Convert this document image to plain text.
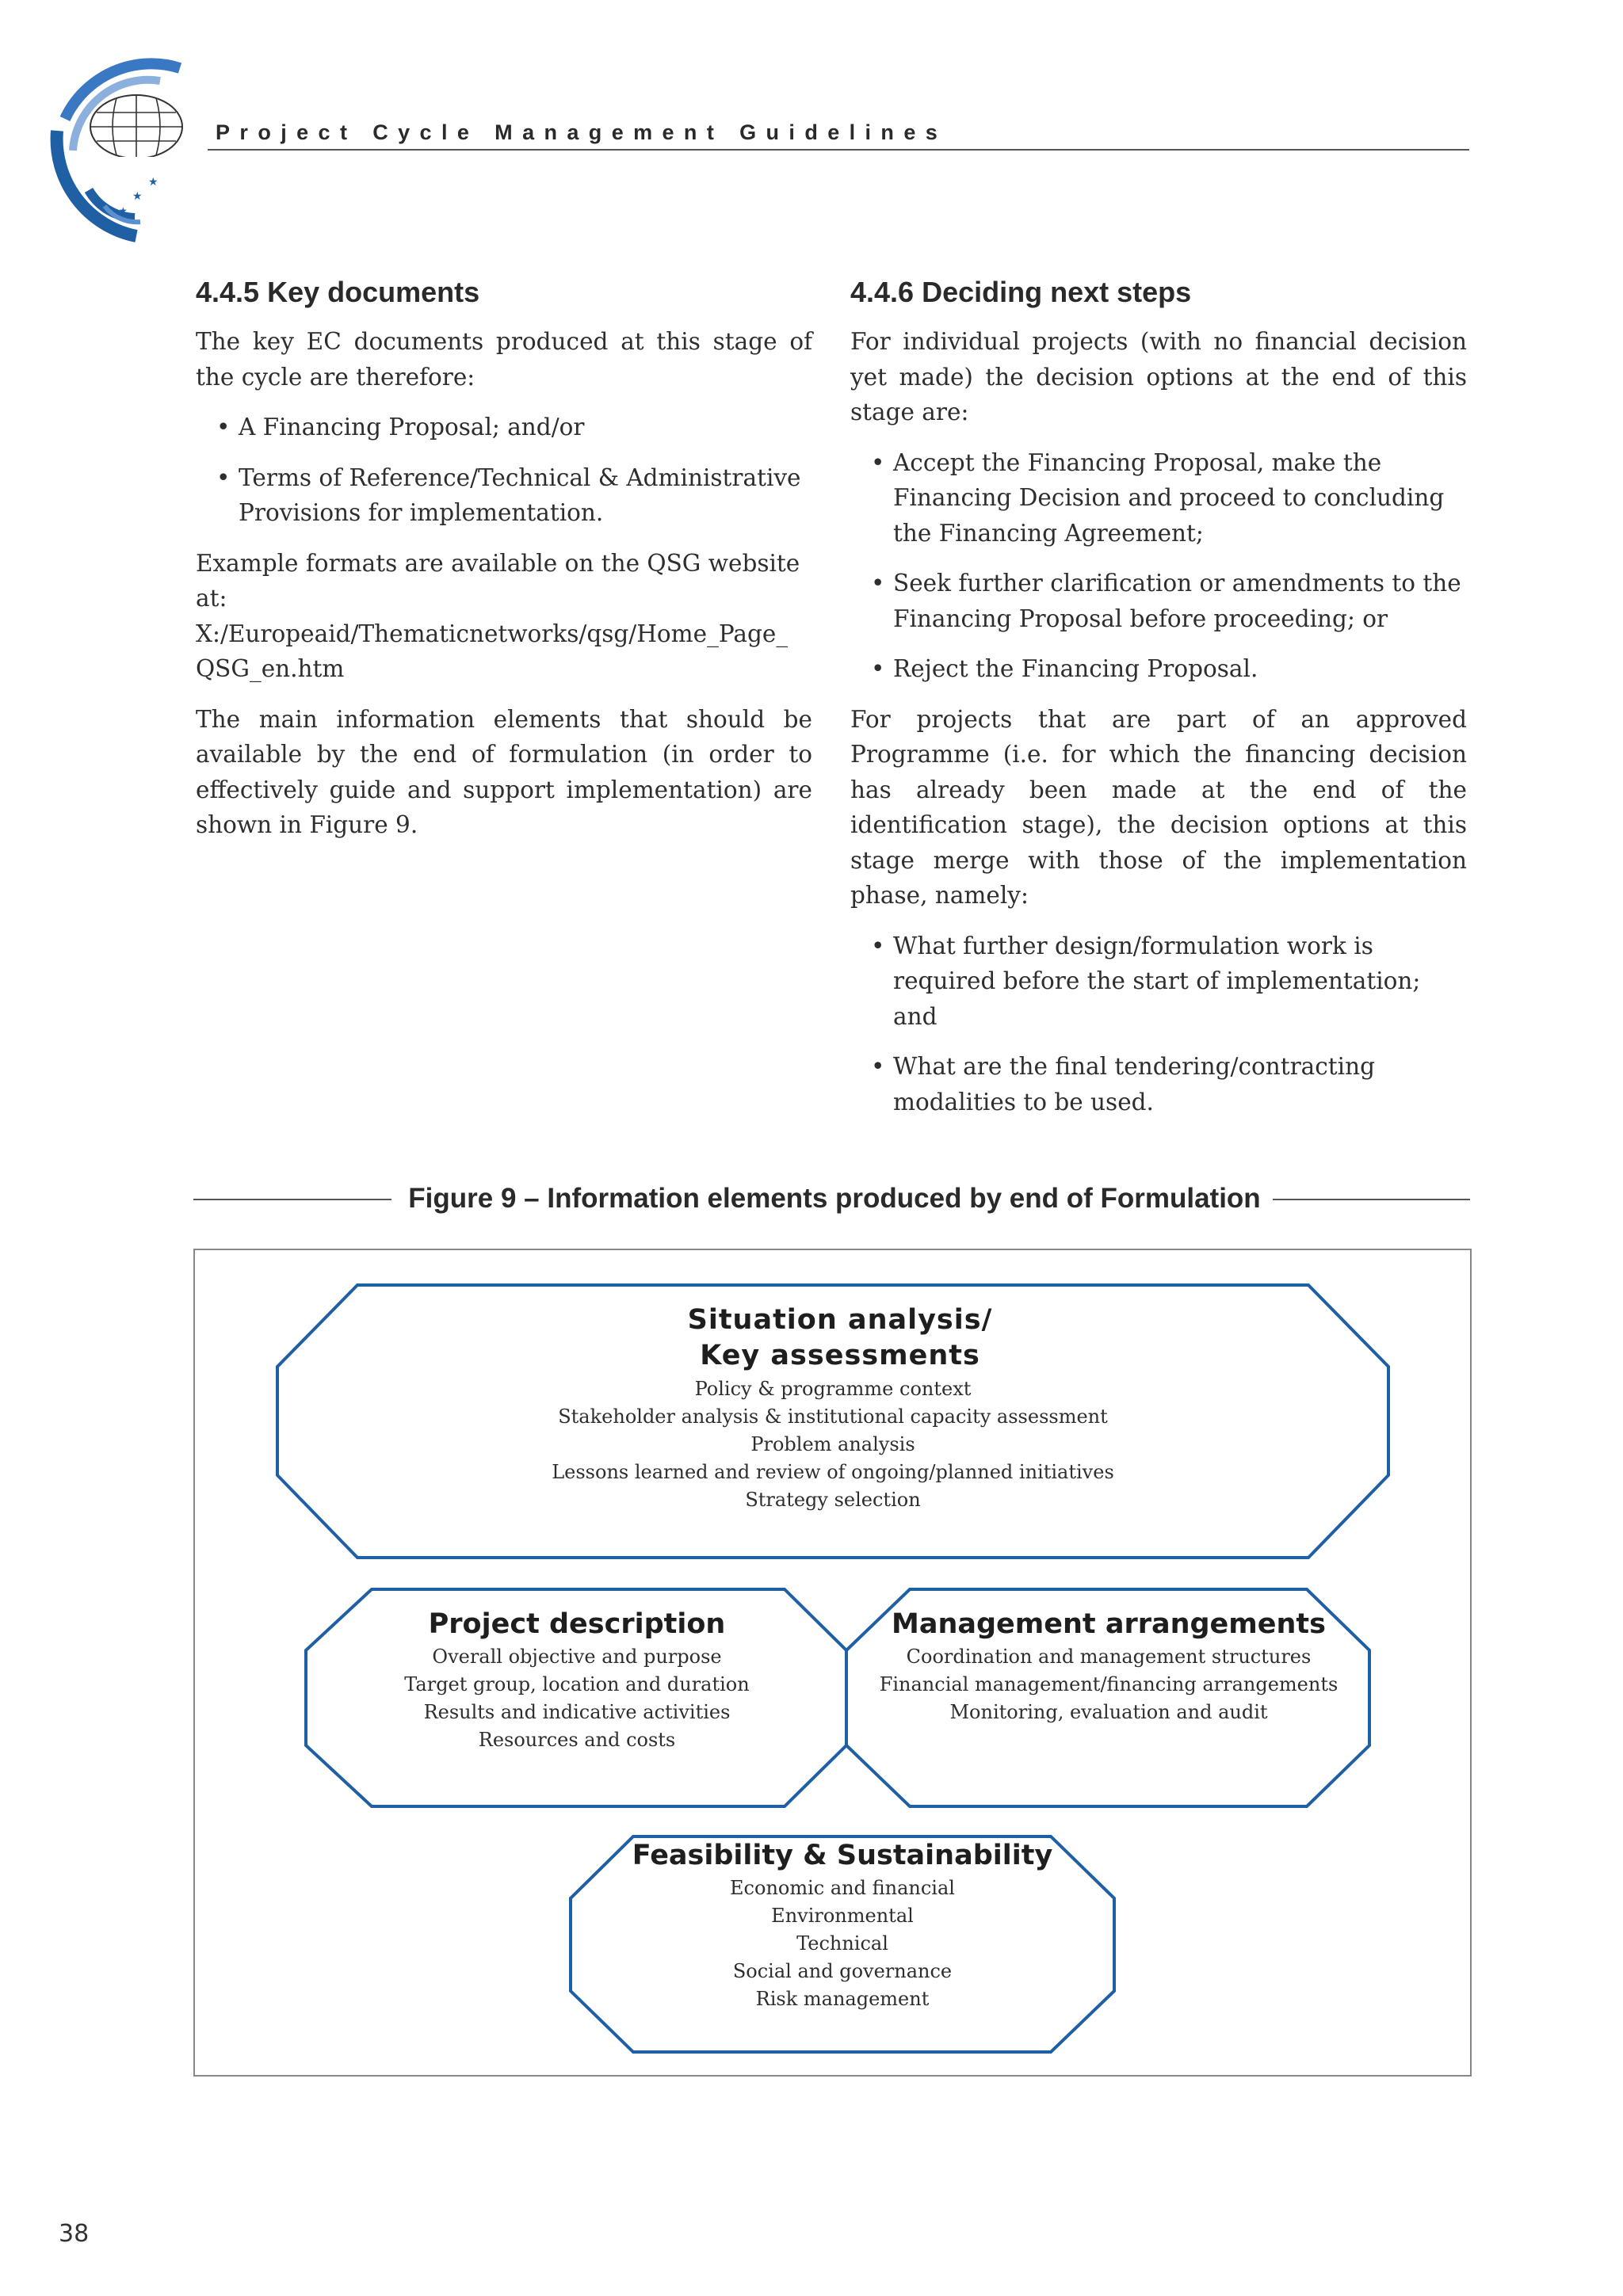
★
★
★
Project Cycle Management Guidelines
4.4.5 Key documents

The key EC documents produced at this stage of the cycle are therefore:

• A Financing Proposal; and/or
• Terms of Reference/Technical & Administrative Provisions for implementation.

Example formats are available on the QSG website at: X:/Europeaid/Thematicnetworks/qsg/Home_Page_ QSG_en.htm

The main information elements that should be available by the end of formulation (in order to effectively guide and support implementation) are shown in Figure 9.

4.4.6 Deciding next steps

For individual projects (with no financial decision yet made) the decision options at the end of this stage are:

• Accept the Financing Proposal, make the Financing Decision and proceed to concluding the Financing Agreement;
• Seek further clarification or amendments to the Financing Proposal before proceeding; or
• Reject the Financing Proposal.

For projects that are part of an approved Programme (i.e. for which the financing decision has already been made at the end of the identification stage), the decision options at this stage merge with those of the implementation phase, namely:

• What further design/formulation work is required before the start of implementation; and
• What are the final tendering/contracting modalities to be used.
Figure 9 – Information elements produced by end of Formulation
Situation analysis/
Key assessments
Policy & programme context
Stakeholder analysis & institutional capacity assessment
Problem analysis
Lessons learned and review of ongoing/planned initiatives
Strategy selection
Project description
Overall objective and purpose
Target group, location and duration
Results and indicative activities
Resources and costs
Management arrangements
Coordination and management structures
Financial management/financing arrangements
Monitoring, evaluation and audit
Feasibility & Sustainability
Economic and financial
Environmental
Technical
Social and governance
Risk management
38
